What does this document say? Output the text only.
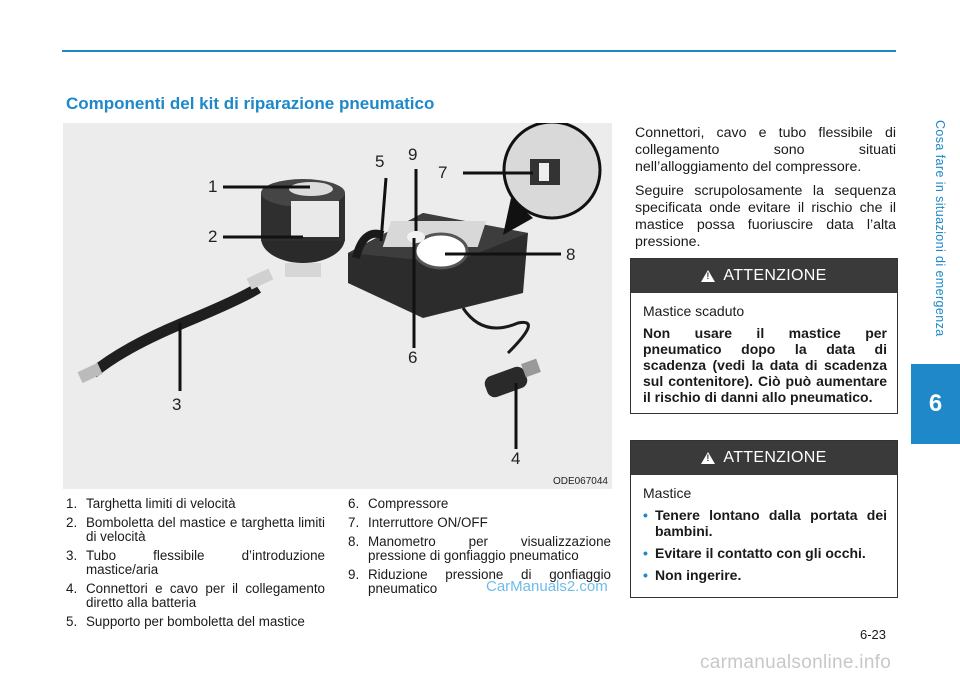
Cosa fare in situazioni di emergenza
6
Componenti del kit di riparazione pneumatico
1
2
3
4
5
6
7
8
9
ODE067044
1. Targhetta limiti di velocità
2. Bomboletta del mastice e targhetta limiti di velocità
3. Tubo flessibile d’introduzione mastice/aria
4. Connettori e cavo per il collegamento diretto alla batteria
5. Supporto per bomboletta del mastice
6. Compressore
7. Interruttore ON/OFF
8. Manometro per visualizzazione pressione di gonfiaggio pneumatico
9. Riduzione pressione di gonfiaggio pneumatico

Connettori, cavo e tubo flessibile di collegamento sono situati nell’alloggiamento del compressore.

Seguire scrupolosamente la sequenza specificata onde evitare il rischio che il mastice possa fuoriuscire data l’alta pressione.

!
ATTENZIONE

Mastice scaduto

Non usare il mastice per pneumatico dopo la data di scadenza (vedi la data di scadenza sul contenitore). Ciò può aumentare il rischio di danni allo pneumatico.

!
ATTENZIONE

Mastice

• Tenere lontano dalla portata dei bambini.
• Evitare il contatto con gli occhi.
• Non ingerire.
CarManuals2.com
6-23
carmanualsonline.info
